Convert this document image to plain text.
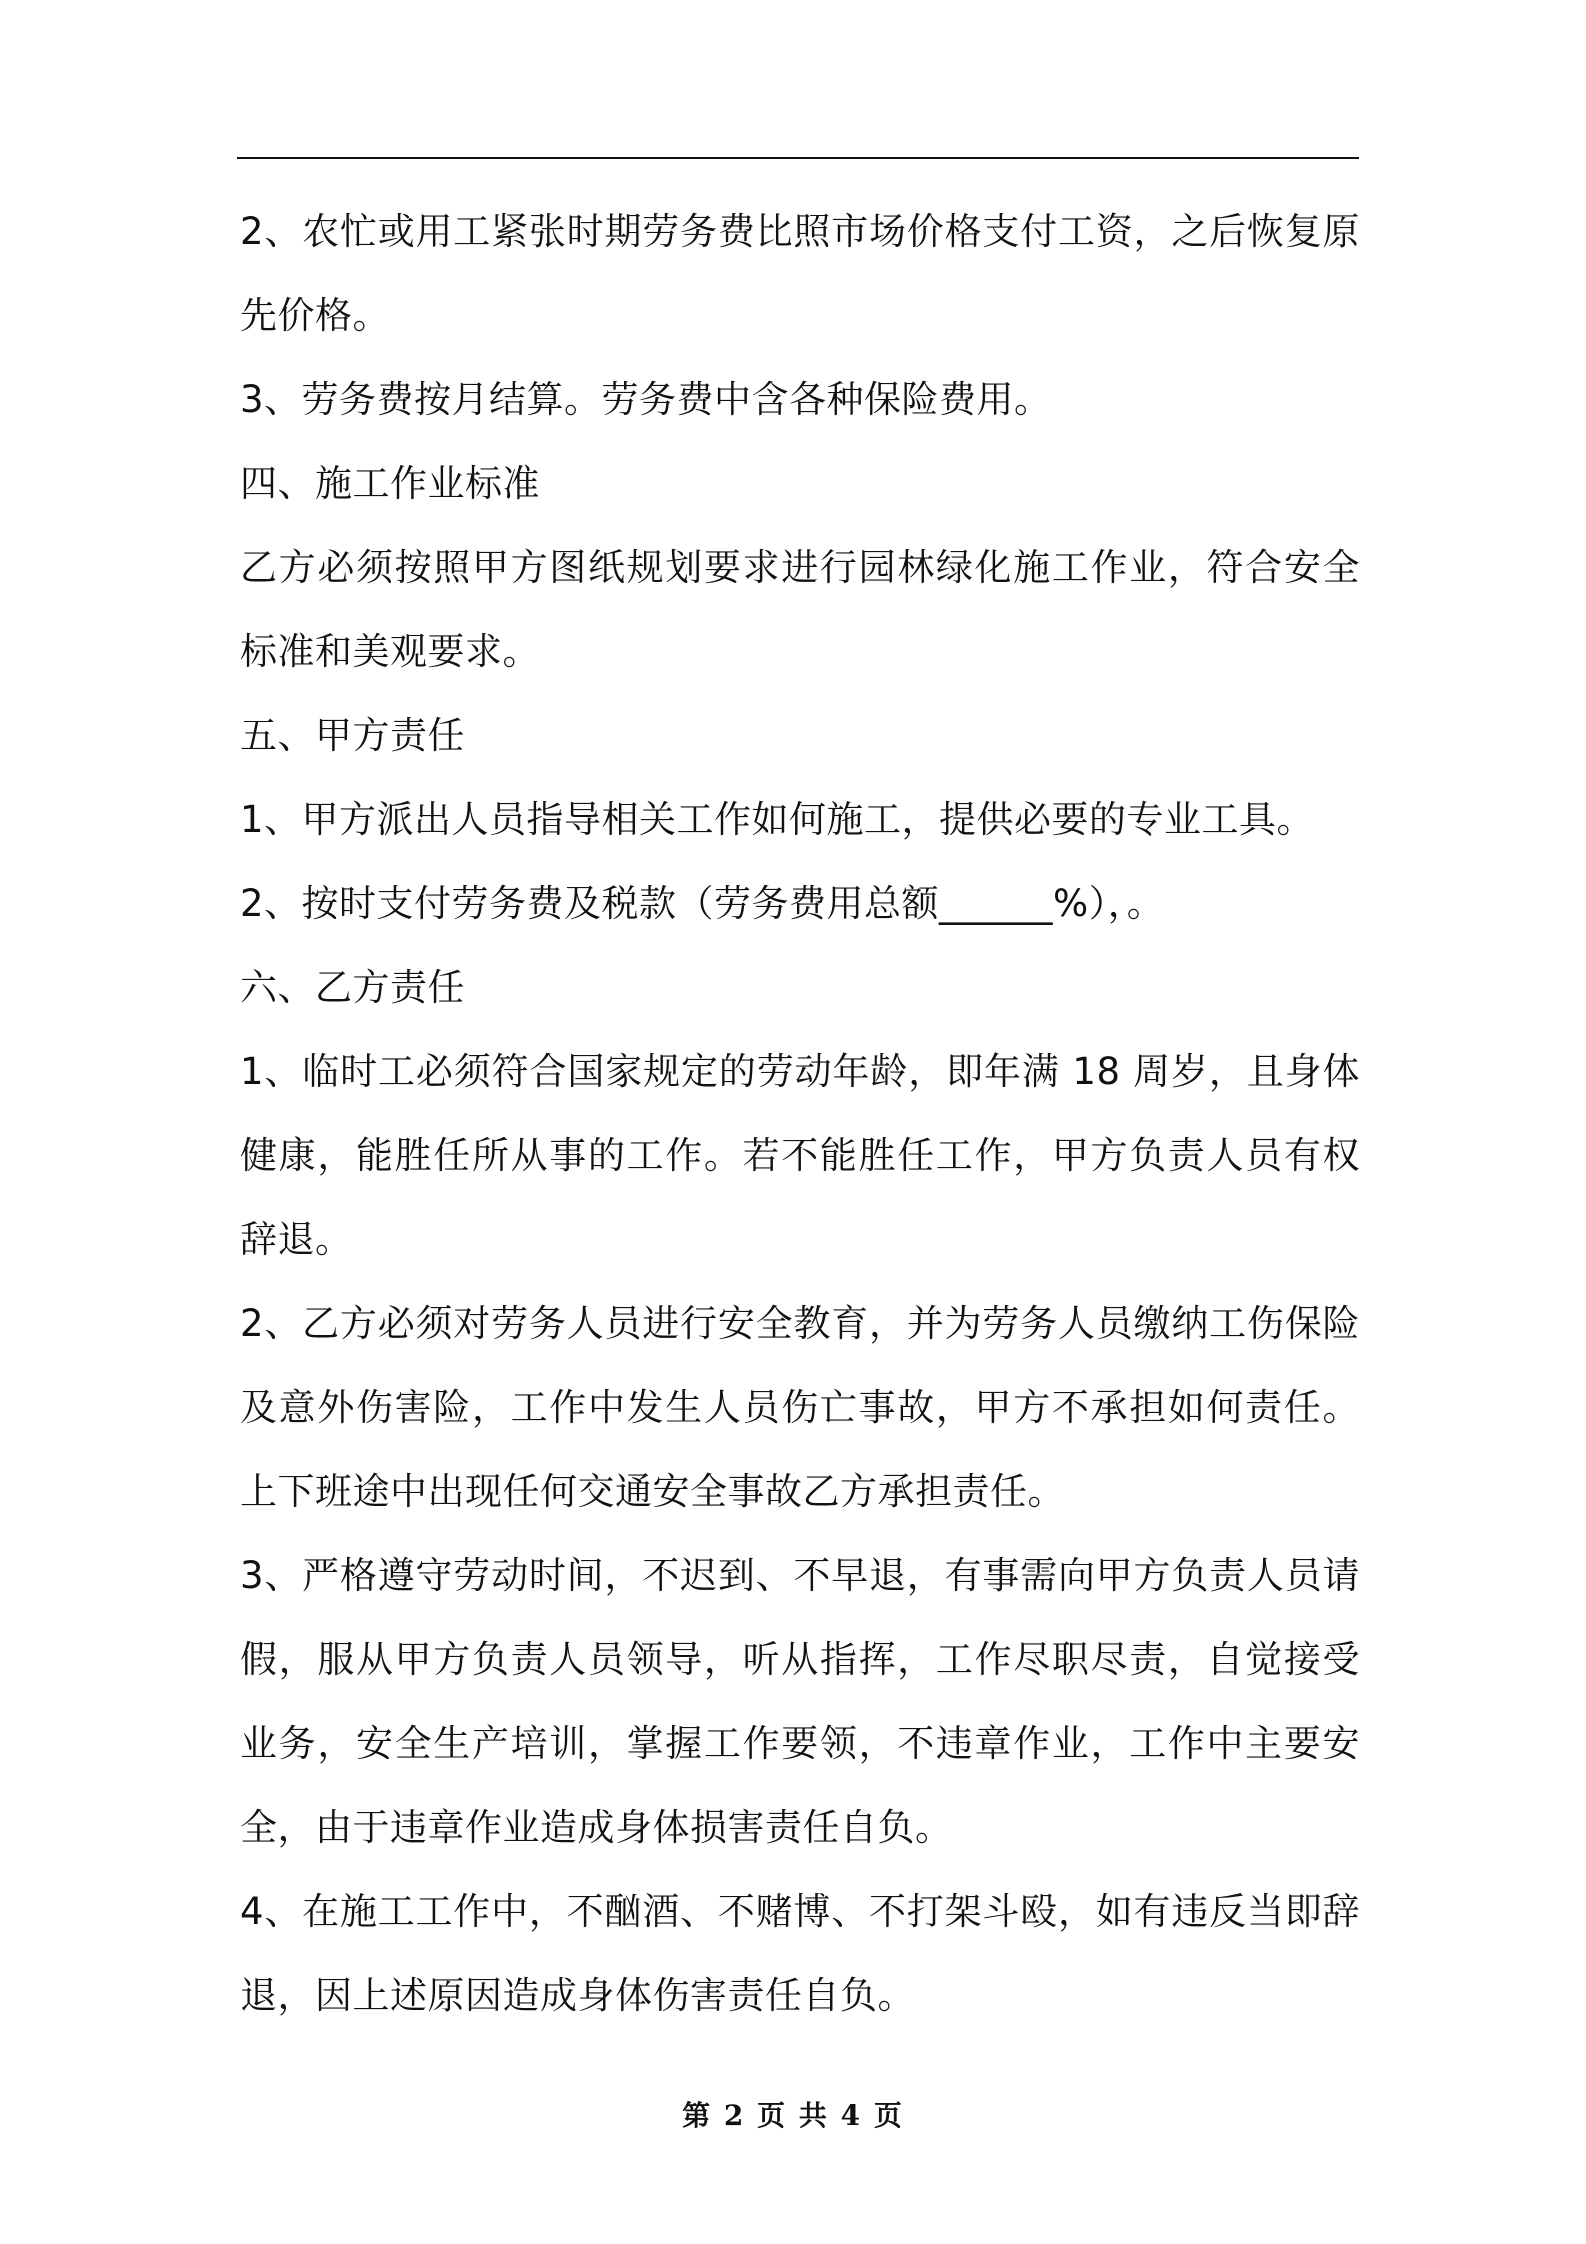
2、农忙或用工紧张时期劳务费比照市场价格支付工资，之后恢复原先价格。

3、劳务费按月结算。劳务费中含各种保险费用。

四、施工作业标准

乙方必须按照甲方图纸规划要求进行园林绿化施工作业，符合安全标准和美观要求。

五、甲方责任

1、甲方派出人员指导相关工作如何施工，提供必要的专业工具。

2、按时支付劳务费及税款（劳务费用总额______%），。

六、乙方责任

1、临时工必须符合国家规定的劳动年龄，即年满 18 周岁，且身体健康，能胜任所从事的工作。若不能胜任工作，甲方负责人员有权辞退。

2、乙方必须对劳务人员进行安全教育，并为劳务人员缴纳工伤保险及意外伤害险，工作中发生人员伤亡事故，甲方不承担如何责任。上下班途中出现任何交通安全事故乙方承担责任。

3、严格遵守劳动时间，不迟到、不早退，有事需向甲方负责人员请假，服从甲方负责人员领导，听从指挥，工作尽职尽责，自觉接受业务，安全生产培训，掌握工作要领，不违章作业，工作中主要安全，由于违章作业造成身体损害责任自负。

4、在施工工作中，不酗酒、不赌博、不打架斗殴，如有违反当即辞退，因上述原因造成身体伤害责任自负。

第 2 页 共 4 页
